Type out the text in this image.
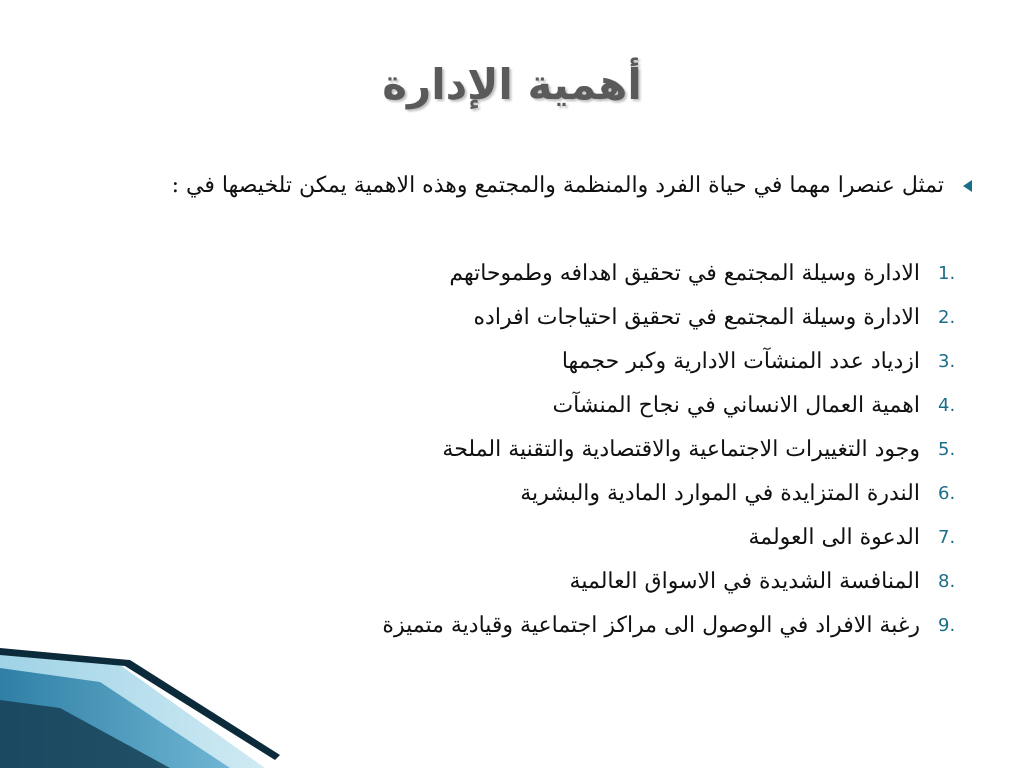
أهمية الإدارة
تمثل عنصرا مهما في حياة الفرد والمنظمة والمجتمع وهذه الاهمية يمكن تلخيصها في :
1.
الادارة وسيلة المجتمع في تحقيق اهدافه وطموحاتهم
2.
الادارة وسيلة المجتمع في تحقيق احتياجات افراده
3.
ازدياد عدد المنشآت الادارية وكبر حجمها
4.
اهمية العمال الانساني في نجاح المنشآت
5.
وجود التغييرات الاجتماعية والاقتصادية والتقنية الملحة
6.
الندرة المتزايدة في الموارد المادية والبشرية
7.
الدعوة الى العولمة
8.
المنافسة الشديدة في الاسواق العالمية
9.
رغبة الافراد في الوصول الى مراكز اجتماعية وقيادية متميزة
